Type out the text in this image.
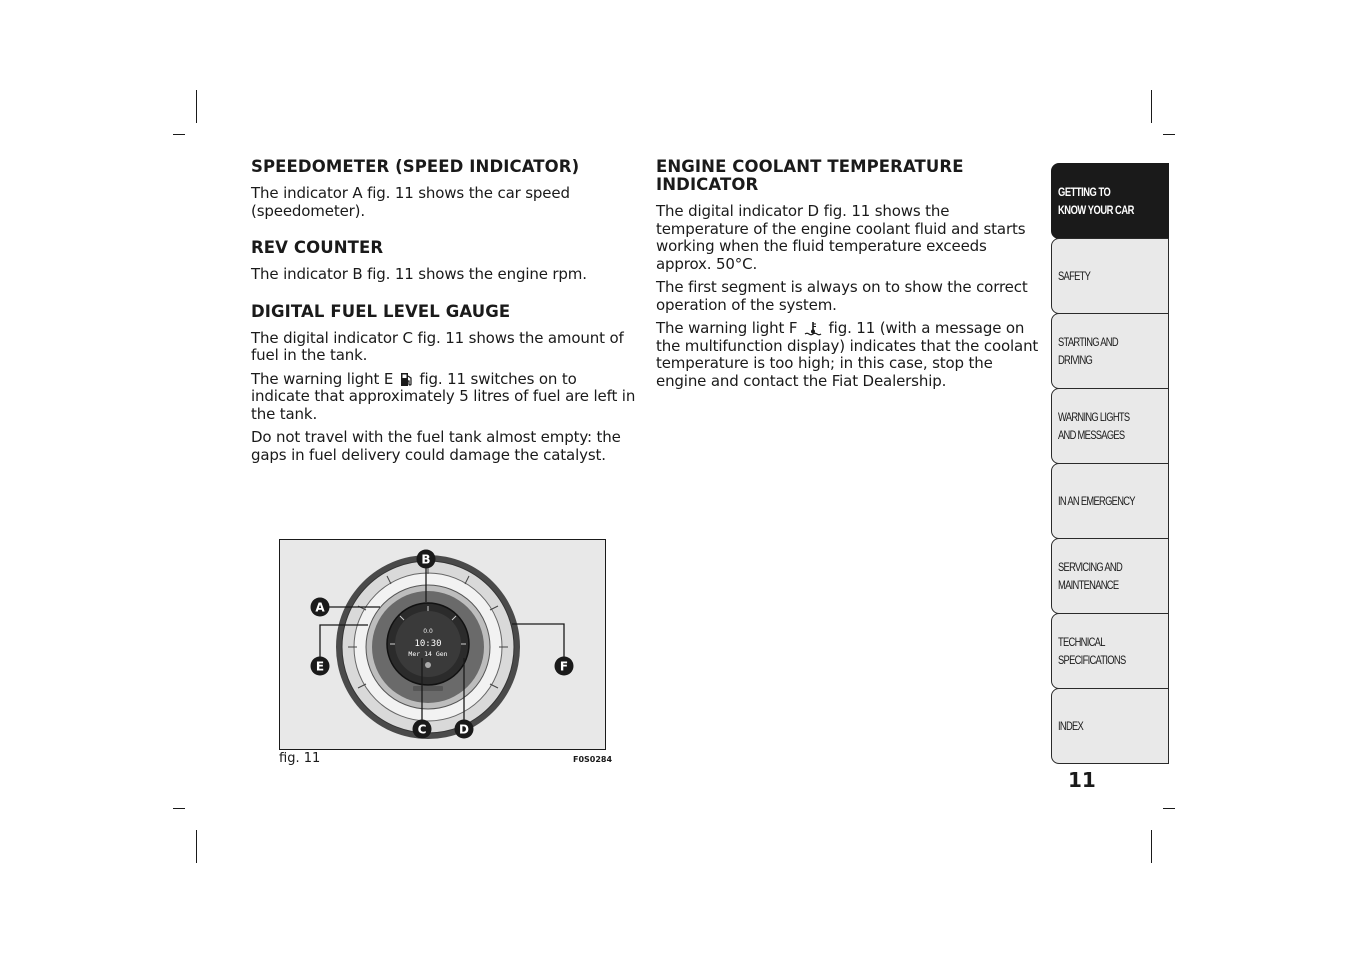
SPEEDOMETER (SPEED INDICATOR)

The indicator A fig. 11 shows the car speed (speedometer).

REV COUNTER

The indicator B fig. 11 shows the engine rpm.

DIGITAL FUEL LEVEL GAUGE

The digital indicator C fig. 11 shows the amount of fuel in the tank.

The warning light E fig. 11 switches on to indicate that approximately 5 litres of fuel are left in the tank.

Do not travel with the fuel tank almost empty: the gaps in fuel delivery could damage the catalyst.

ENGINE COOLANT TEMPERATURE INDICATOR

The digital indicator D fig. 11 shows the temperature of the engine coolant fluid and starts working when the fluid temperature exceeds approx. 50°C.

The first segment is always on to show the correct operation of the system.

The warning light F fig. 11 (with a message on the multifunction display) indicates that the coolant temperature is too high; in this case, stop the engine and contact the Fiat Dealership.

0.0
10:30
Mer 14 Gen
B
A
E	F
C	D
fig. 11	F0S0284
GETTING TO
KNOW YOUR CAR
SAFETY
STARTING AND
DRIVING
WARNING LIGHTS
AND MESSAGES
IN AN EMERGENCY
SERVICING AND
MAINTENANCE
TECHNICAL
SPECIFICATIONS
INDEX
11
